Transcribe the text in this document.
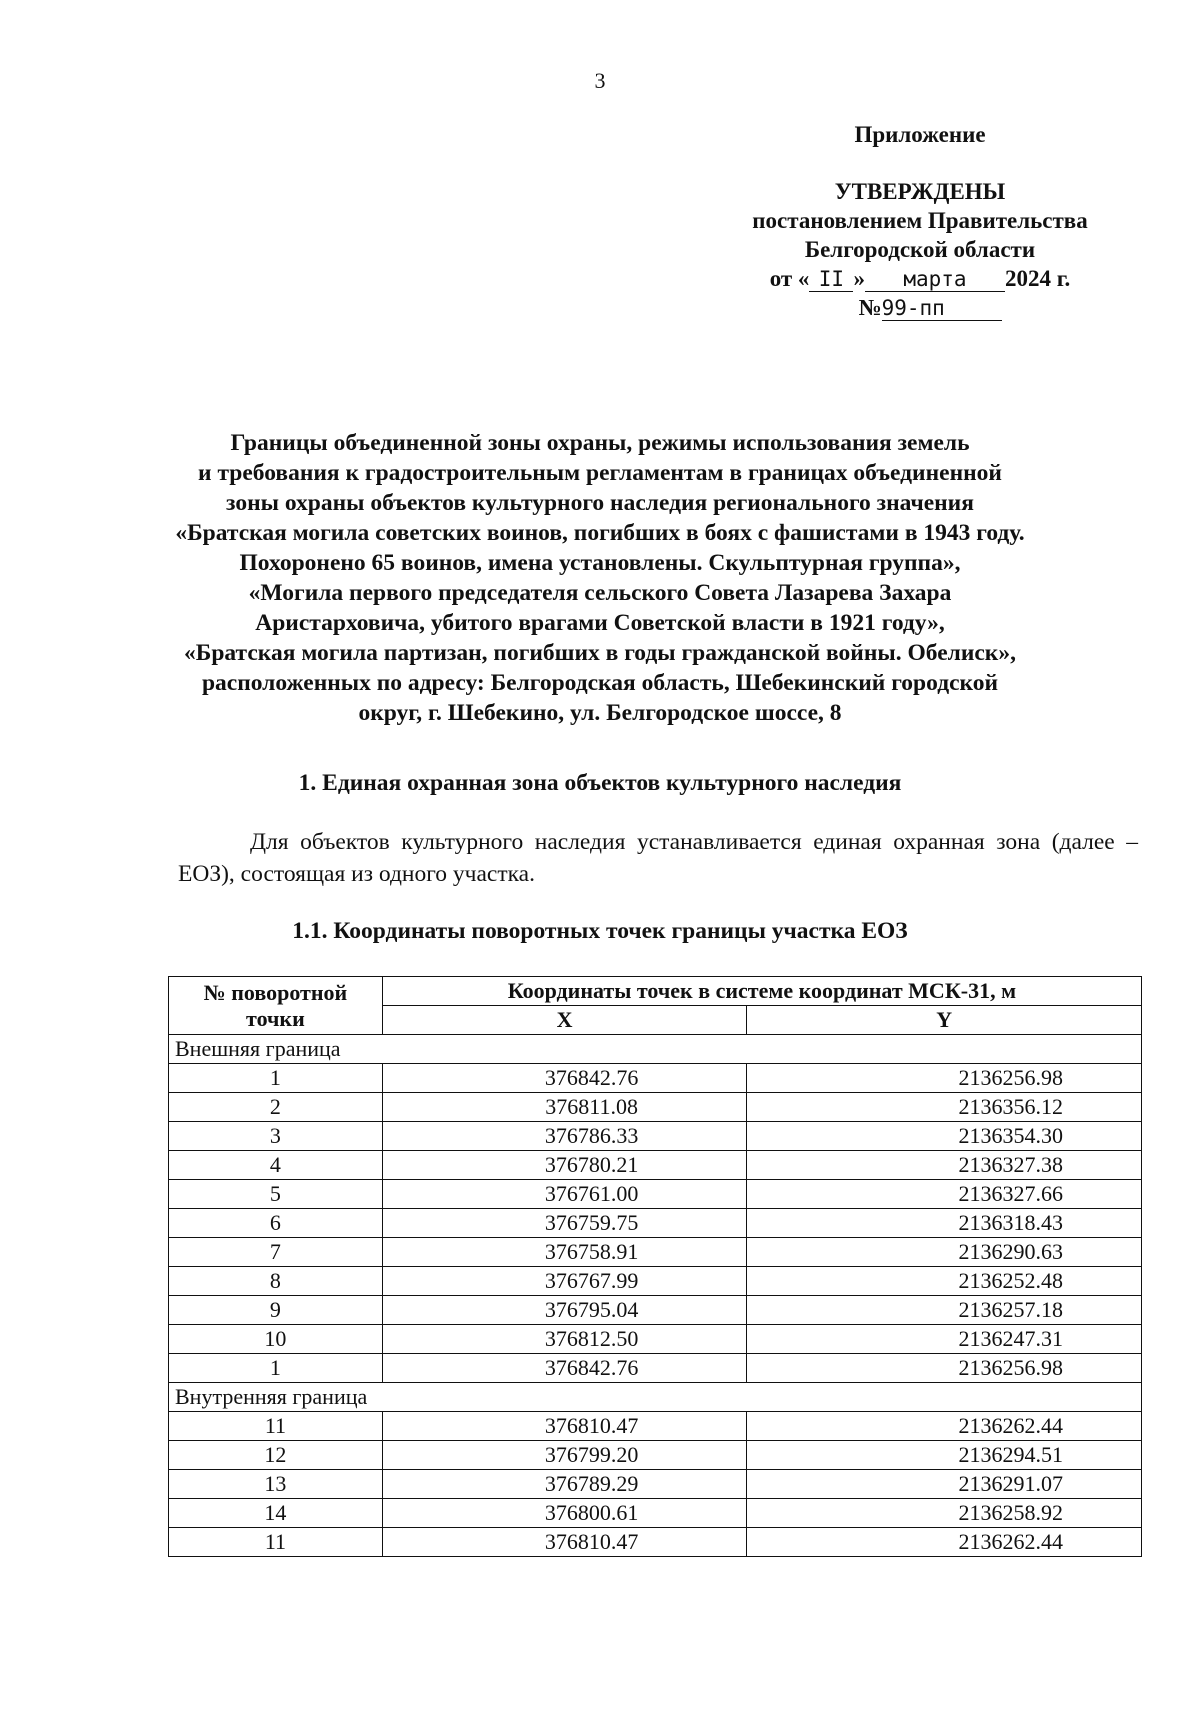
3
Приложение
УТВЕРЖДЕНЫ
постановлением Правительства
Белгородской области
от « II » марта 2024 г.
№99-пп
Границы объединенной зоны охраны, режимы использования земель
и требования к градостроительным регламентам в границах объединенной
зоны охраны объектов культурного наследия регионального значения
«Братская могила советских воинов, погибших в боях с фашистами в 1943 году.
Похоронено 65 воинов, имена установлены. Скульптурная группа»,
«Могила первого председателя сельского Совета Лазарева Захара
Аристарховича, убитого врагами Советской власти в 1921 году»,
«Братская могила партизан, погибших в годы гражданской войны. Обелиск»,
расположенных по адресу: Белгородская область, Шебекинский городской
округ, г. Шебекино, ул. Белгородское шоссе, 8
1. Единая охранная зона объектов культурного наследия
Для объектов культурного наследия устанавливается единая охранная зона (далее – ЕОЗ), состоящая из одного участка.
1.1. Координаты поворотных точек границы участка ЕОЗ
№ поворотной точки	Координаты точек в системе координат МСК-31, м	
	X	Y
Внешняя граница		
1	376842.76	2136256.98
2	376811.08	2136356.12
3	376786.33	2136354.30
4	376780.21	2136327.38
5	376761.00	2136327.66
6	376759.75	2136318.43
7	376758.91	2136290.63
8	376767.99	2136252.48
9	376795.04	2136257.18
10	376812.50	2136247.31
1	376842.76	2136256.98
Внутренняя граница		
11	376810.47	2136262.44
12	376799.20	2136294.51
13	376789.29	2136291.07
14	376800.61	2136258.92
11	376810.47	2136262.44
